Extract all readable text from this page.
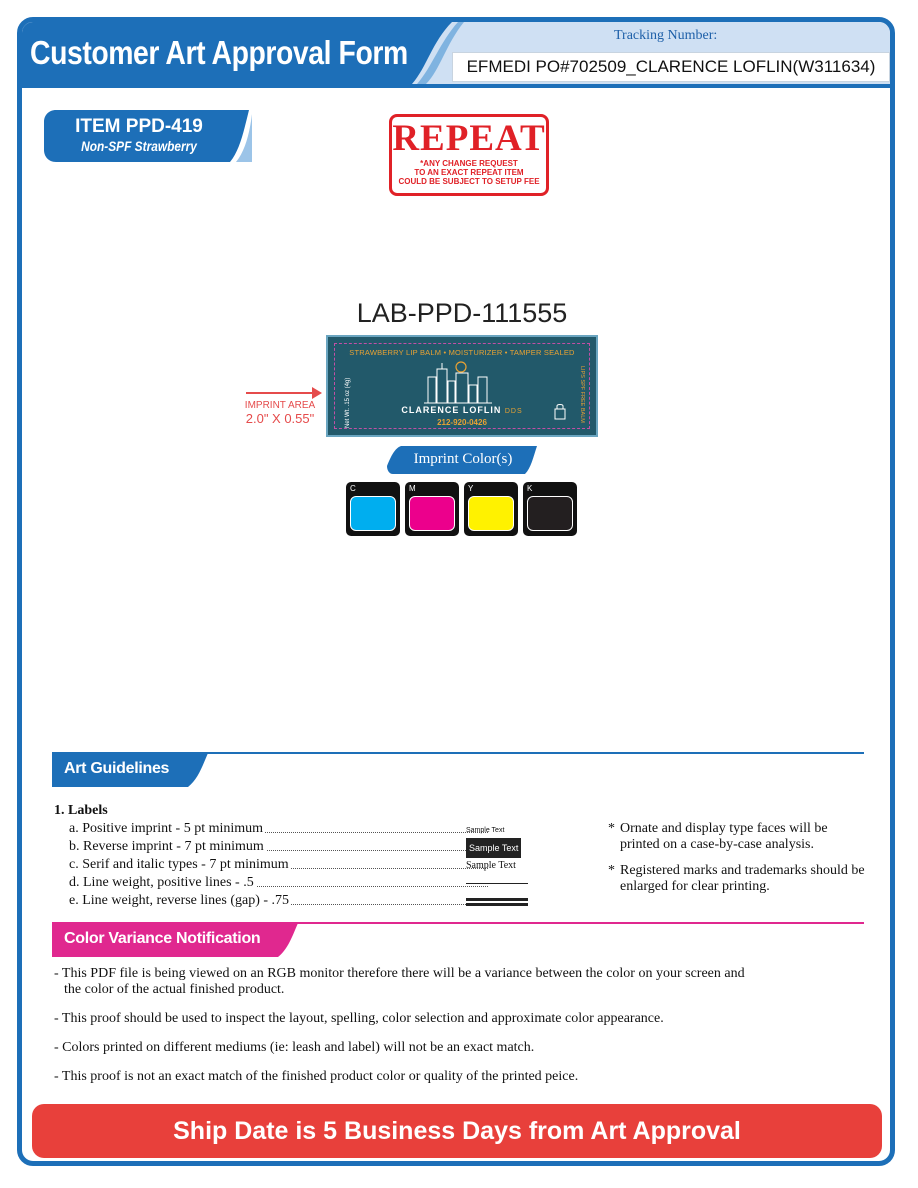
Customer Art Approval Form	Tracking Number:
EFMEDI PO#702509_CLARENCE LOFLIN(W311634)
ITEM PPD-419
Non-SPF Strawberry	REPEAT
*ANY CHANGE REQUEST
TO AN EXACT REPEAT ITEM
COULD BE SUBJECT TO SETUP FEE
LAB-PPD-111555
STRAWBERRY LIP BALM • MOISTURIZER • TAMPER SEALED
CLARENCE LOFLIN DDS
212-920-0426
Net Wt. .15 oz (4g)	LIPS SPF FREE BALM
IMPRINT AREA
2.0" X 0.55"
Imprint Color(s)
C	M	Y	K
Art Guidelines
1. Labels
a. Positive imprint - 5 pt minimum	Sample Text
b. Reverse imprint - 7 pt minimum	Sample Text
c. Serif and italic types - 7 pt minimum	Sample Text
d. Line weight, positive lines - .5
e. Line weight, reverse lines (gap) - .75
* Ornate and display type faces will be printed on a case-by-case analysis.
* Registered marks and trademarks should be enlarged for clear printing.
Color Variance Notification
- This PDF file is being viewed on an RGB monitor therefore there will be a variance between the color on your screen and the color of the actual finished product.
- This proof should be used to inspect the layout, spelling, color selection and approximate color appearance.
- Colors printed on different mediums (ie: leash and label) will not be an exact match.
- This proof is not an exact match of the finished product color or quality of the printed peice.
Ship Date is 5 Business Days from Art Approval
